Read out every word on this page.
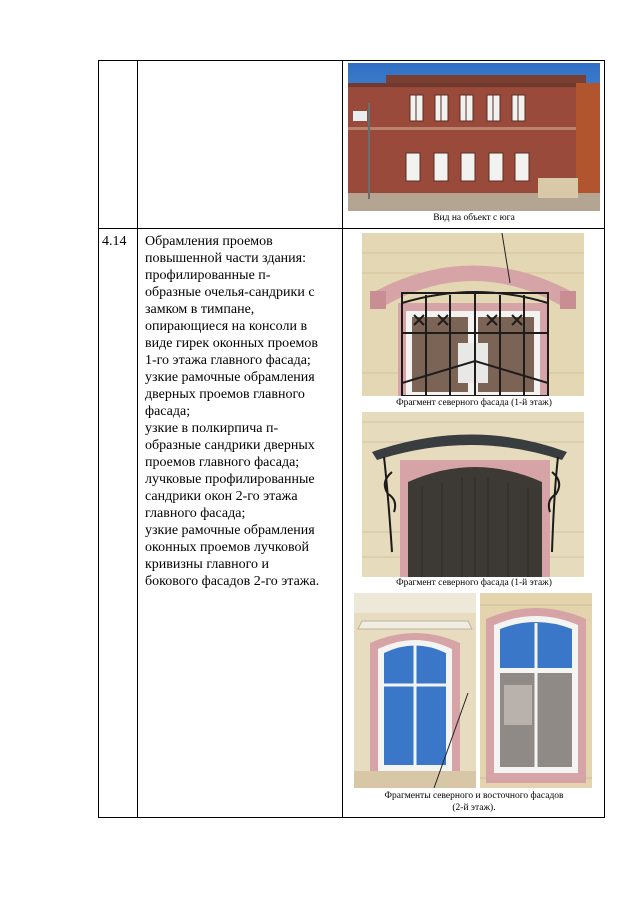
4.14 Обрамления проемов
повышенной части здания:
профилированные п-
образные очелья-сандрики с
замком в тимпане,
опирающиеся на консоли в
виде гирек оконных проемов
1-го этажа главного фасада;
узкие рамочные обрамления
дверных проемов главного
фасада;
узкие в полкирпича п-
образные сандрики дверных
проемов главного фасада;
лучковые профилированные
сандрики окон 2-го этажа
главного фасада;
узкие рамочные обрамления
оконных проемов лучковой
кривизны главного и
бокового фасадов 2-го этажа.
Вид на объект с юга
Фрагмент северного фасада (1-й этаж)
Фрагмент северного фасада (1-й этаж)
Фрагменты северного и восточного фасадов
(2-й этаж).
